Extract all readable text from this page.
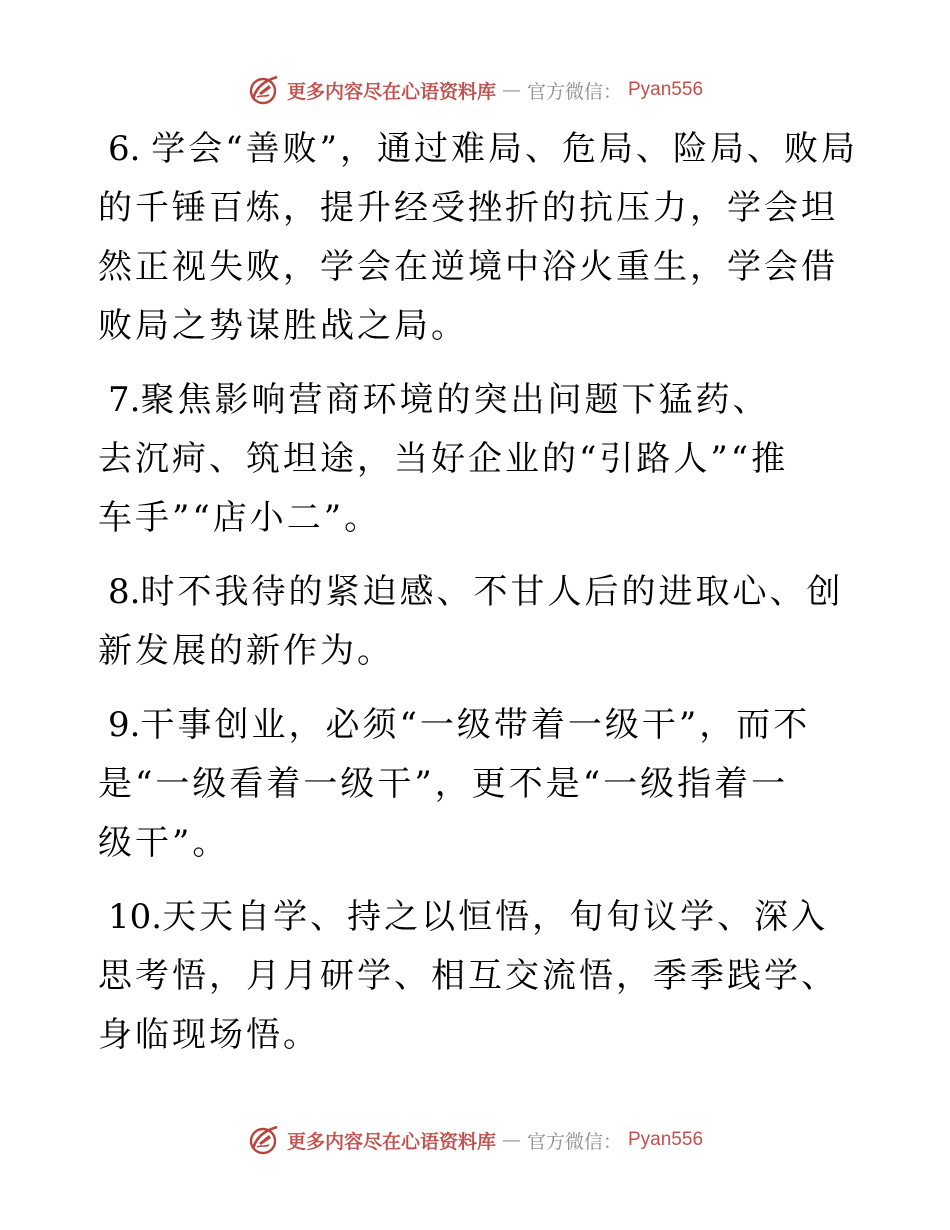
更多内容尽在心语资料库 — 官方微信： Pyan556

6. 学会“善败”，通过难局、危局、险局、败局的千锤百炼，提升经受挫折的抗压力，学会坦然正视失败，学会在逆境中浴火重生，学会借败局之势谋胜战之局。

7.聚焦影响营商环境的突出问题下猛药、去沉疴、筑坦途，当好企业的“引路人”“推车手”“店小二”。

8.时不我待的紧迫感、不甘人后的进取心、创新发展的新作为。

9.干事创业，必须“一级带着一级干”，而不是“一级看着一级干”，更不是“一级指着一级干”。

10.天天自学、持之以恒悟，旬旬议学、深入思考悟，月月研学、相互交流悟，季季践学、身临现场悟。

更多内容尽在心语资料库 — 官方微信： Pyan556
